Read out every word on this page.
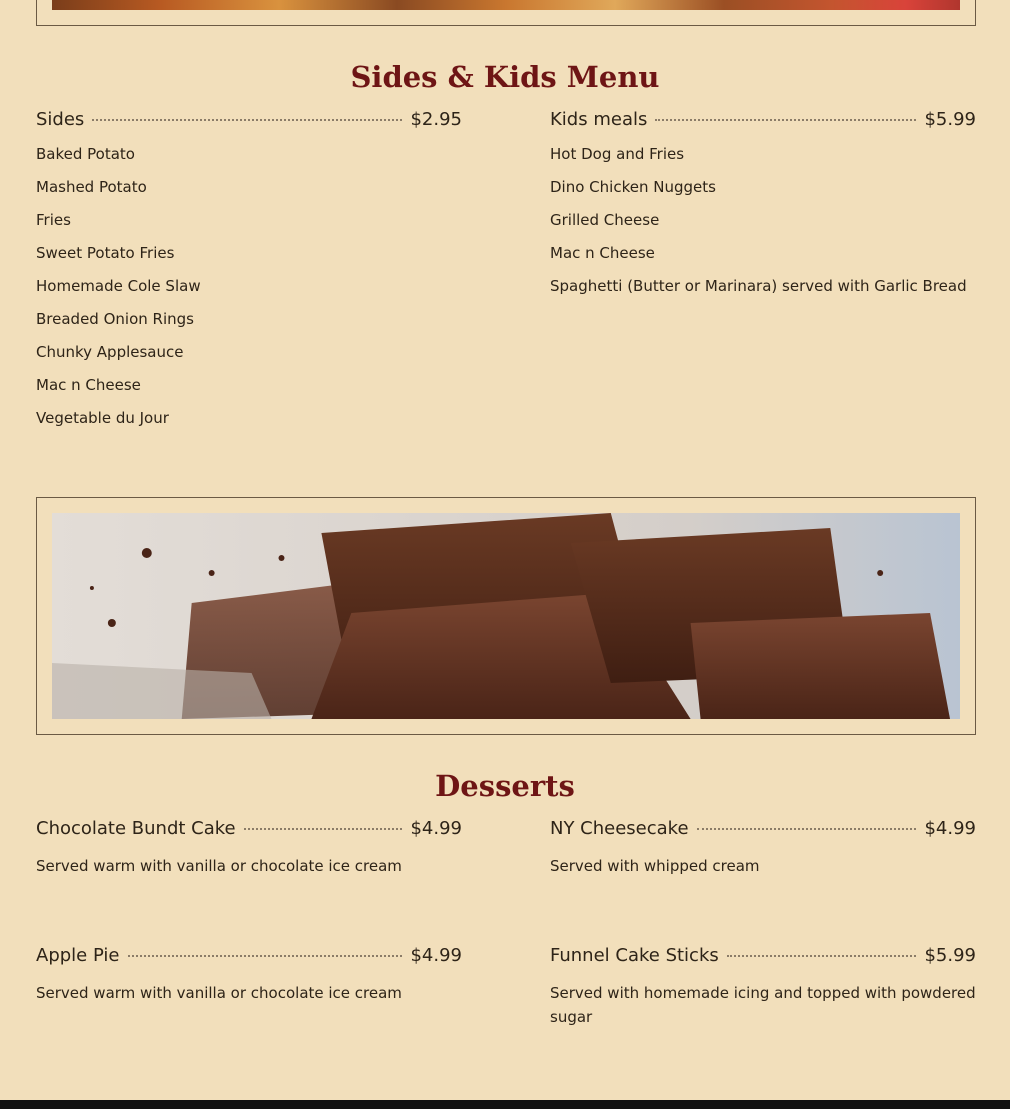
Sides & Kids Menu
Sides	$2.95
Baked Potato
Mashed Potato
Fries
Sweet Potato Fries
Homemade Cole Slaw
Breaded Onion Rings
Chunky Applesauce
Mac n Cheese
Vegetable du Jour
Kids meals	$5.99
Hot Dog and Fries
Dino Chicken Nuggets
Grilled Cheese
Mac n Cheese
Spaghetti (Butter or Marinara) served with Garlic Bread
Desserts
Chocolate Bundt Cake	$4.99

Served warm with vanilla or chocolate ice cream

NY Cheesecake	$4.99

Served with whipped cream

Apple Pie	$4.99

Served warm with vanilla or chocolate ice cream

Funnel Cake Sticks	$5.99

Served with homemade icing and topped with powdered sugar
